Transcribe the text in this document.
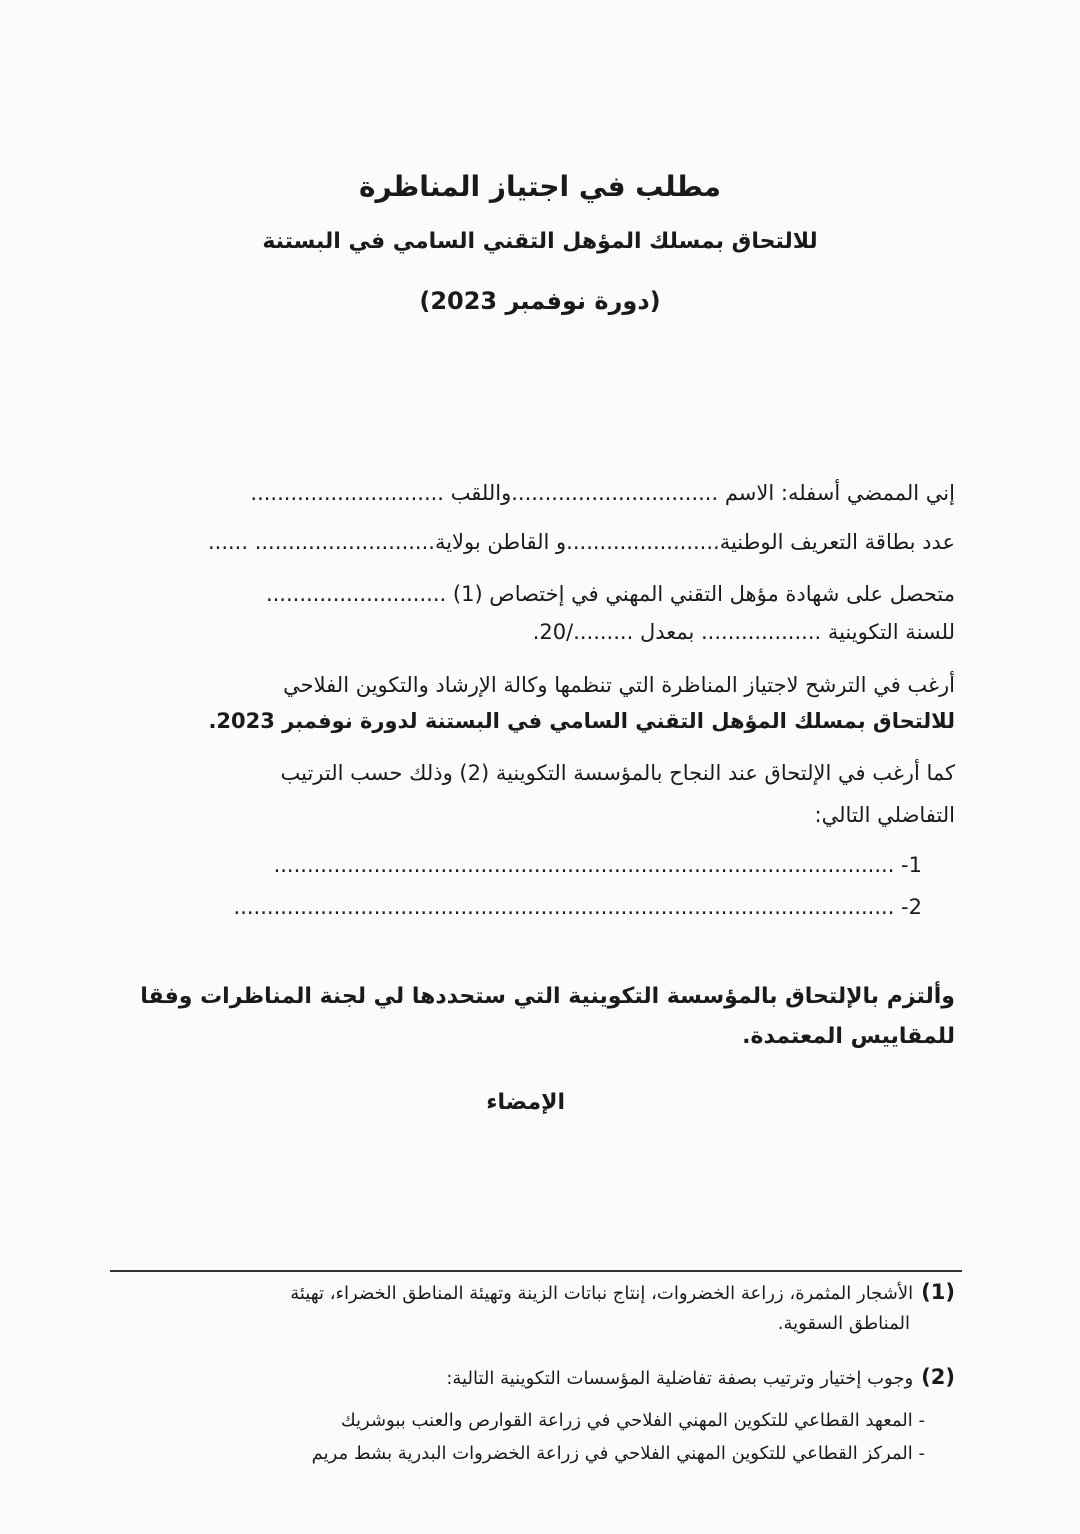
مطلب في اجتياز المناظرة
للالتحاق بمسلك المؤهل التقني السامي في البستنة
(دورة نوفمبر 2023)
إني الممضي أسفله: الاسم ...............................واللقب .............................
عدد بطاقة التعريف الوطنية.......................و القاطن بولاية........................... ......
متحصل على شهادة مؤهل التقني المهني في إختصاص (1) ...........................
للسنة التكوينية .................. بمعدل ........./20.
أرغب في الترشح لاجتياز المناظرة التي تنظمها وكالة الإرشاد والتكوين الفلاحي
للالتحاق بمسلك المؤهل التقني السامي في البستنة لدورة نوفمبر 2023.
كما أرغب في الإلتحاق عند النجاح بالمؤسسة التكوينية (2) وذلك حسب الترتيب
التفاضلي التالي:
1- .............................................................................................
2- ...................................................................................................
وألتزم بالإلتحاق بالمؤسسة التكوينية التي ستحددها لي لجنة المناظرات وفقا
للمقاييس المعتمدة.
الإمضاء
(1)الأشجار المثمرة، زراعة الخضروات، إنتاج نباتات الزينة وتهيئة المناطق الخضراء، تهيئة
المناطق السقوية.
(2)وجوب إختيار وترتيب بصفة تفاضلية المؤسسات التكوينية التالية:
- المعهد القطاعي للتكوين المهني الفلاحي في زراعة القوارص والعنب ببوشريك
- المركز القطاعي للتكوين المهني الفلاحي في زراعة الخضروات البدرية بشط مريم
